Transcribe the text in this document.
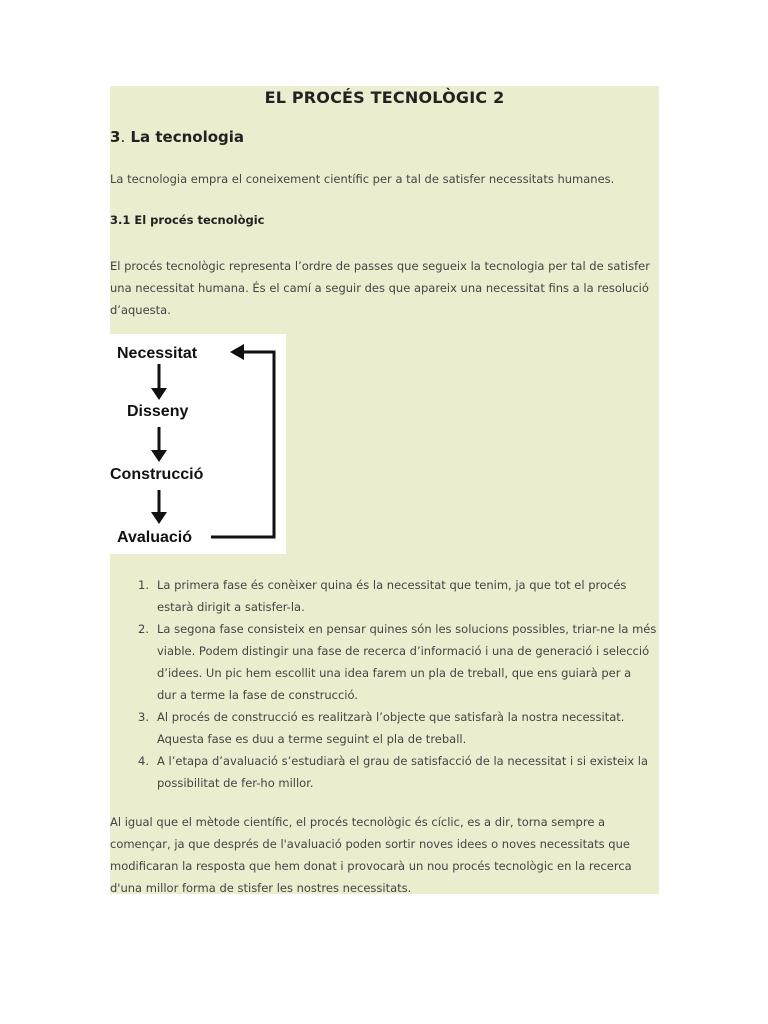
EL PROCÉS TECNOLÒGIC 2
3. La tecnologia

La tecnologia empra el coneixement científic per a tal de satisfer necessitats humanes.

3.1 El procés tecnològic
El procés tecnològic representa l’ordre de passes que segueix la tecnologia per tal de satisfer
una necessitat humana. És el camí a seguir des que apareix una necessitat fins a la resolució
d’aquesta.
Necessitat
Disseny
Construcció
Avaluació
1. La primera fase és conèixer quina és la necessitat que tenim, ja que tot el procés
estarà dirigit a satisfer-la.
2. La segona fase consisteix en pensar quines són les solucions possibles, triar-ne la més
viable. Podem distingir una fase de recerca d’informació i una de generació i selecció
d’idees. Un pic hem escollit una idea farem un pla de treball, que ens guiarà per a
dur a terme la fase de construcció.
3. Al procés de construcció es realitzarà l’objecte que satisfarà la nostra necessitat.
Aquesta fase es duu a terme seguint el pla de treball.
4. A l’etapa d’avaluació s’estudiarà el grau de satisfacció de la necessitat i si existeix la
possibilitat de fer-ho millor.
Al igual que el mètode científic, el procés tecnològic és cíclic, es a dir, torna sempre a
començar, ja que després de l'avaluació poden sortir noves idees o noves necessitats que
modificaran la resposta que hem donat i provocarà un nou procés tecnològic en la recerca
d'una millor forma de stisfer les nostres necessitats.
